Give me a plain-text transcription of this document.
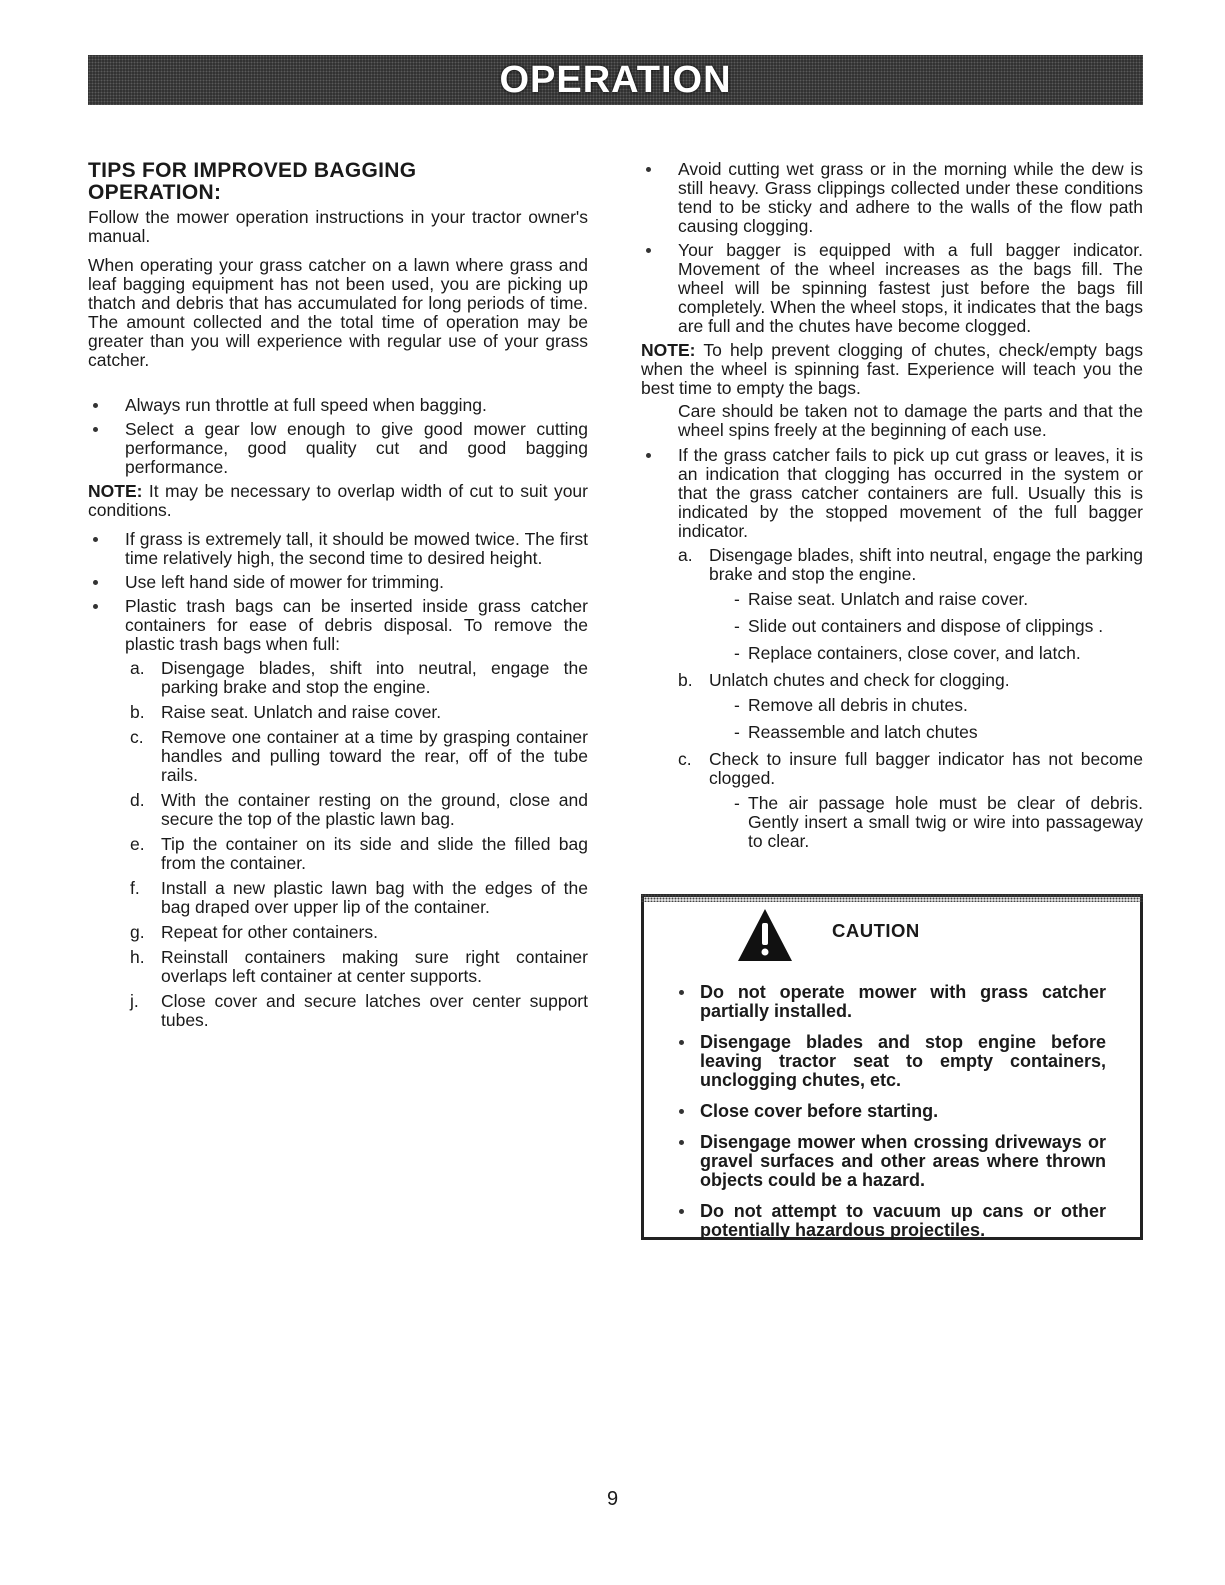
OPERATION
TIPS FOR IMPROVED BAGGING
OPERATION:

Follow the mower operation instructions in your tractor owner's manual.

When operating your grass catcher on a lawn where grass and leaf bagging equipment has not been used, you are picking up thatch and debris that has accumulated for long periods of time. The amount collected and the total time of operation may be greater than you will experience with regular use of your grass catcher.

Always run throttle at full speed when bagging.
Select a gear low enough to give good mower cutting performance, good quality cut and good bagging performance.
NOTE: It may be necessary to overlap width of cut to suit your conditions.
If grass is extremely tall, it should be mowed twice. The first time relatively high, the second time to desired height.
Use left hand side of mower for trimming.
Plastic trash bags can be inserted inside grass catcher containers for ease of debris disposal. To remove the plastic trash bags when full:
a. Disengage blades, shift into neutral, engage the parking brake and stop the engine.
b. Raise seat. Unlatch and raise cover.
c. Remove one container at a time by grasping container handles and pulling toward the rear, off of the tube rails.
d. With the container resting on the ground, close and secure the top of the plastic lawn bag.
e. Tip the container on its side and slide the filled bag from the container.
f.	Install a new plastic lawn bag with the edges of the bag draped over upper lip of the container.
g. Repeat for other containers.
h. Reinstall containers making sure right container overlaps left container at center supports.
j.	Close cover and secure latches over center support tubes.
Avoid cutting wet grass or in the morning while the dew is still heavy. Grass clippings collected under these conditions tend to be sticky and adhere to the walls of the flow path causing clogging.
Your bagger is equipped with a full bagger indicator. Movement of the wheel increases as the bags fill. The wheel will be spinning fastest just before the bags fill completely. When the wheel stops, it indicates that the bags are full and the chutes have become clogged.
NOTE: To help prevent clogging of chutes, check/empty bags when the wheel is spinning fast. Experience will teach you the best time to empty the bags.

Care should be taken not to damage the parts and that the wheel spins freely at the beginning of each use.

If the grass catcher fails to pick up cut grass or leaves, it is an indication that clogging has occurred in the system or that the grass catcher containers are full. Usually this is indicated by the stopped movement of the full bagger indicator.
a. Disengage blades, shift into neutral, engage the parking brake and stop the engine.
- Raise seat. Unlatch and raise cover.
- Slide out containers and dispose of clippings .
- Replace containers, close cover, and latch.
b. Unlatch chutes and check for clogging.
- Remove all debris in chutes.
- Reassemble and latch chutes
c. Check to insure full bagger indicator has not become clogged.
- The air passage hole must be clear of debris. Gently insert a small twig or wire into passageway to clear.
CAUTION
Do not operate mower with grass catcher partially installed.
Disengage blades and stop engine before leaving tractor seat to empty containers, unclogging chutes, etc.
Close cover before starting.
Disengage mower when crossing driveways or gravel surfaces and other areas where thrown objects could be a hazard.
Do not attempt to vacuum up cans or other potentially hazardous projectiles.
9
